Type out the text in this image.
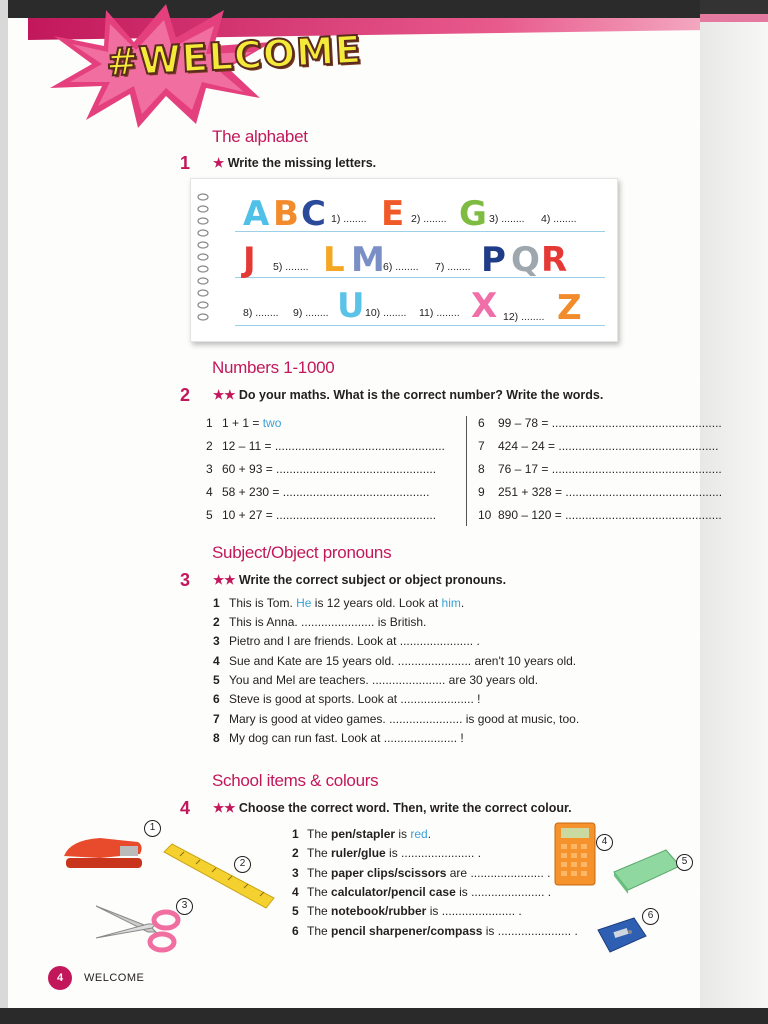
#WELCOME
The alphabet
1 ★ Write the missing letters.
A B C 1) ........ E 2) ........ G 3) ........ 4) ........
J 5) ........ L M
6) ........ 7) ........ P Q R
8) ........ 9) ........ U 10) ........ 11) ........ X 12) ........ Z
Numbers 1-1000
2 ★★ Do your maths. What is the correct number? Write the words.
1 1 + 1 = two
2 12 – 11 = ...................................................
3 60 + 93 = ................................................
4 58 + 230 = ............................................
5 10 + 27 = ................................................
6 99 – 78 = ...................................................
7 424 – 24 = ................................................
8 76 – 17 = ...................................................
9 251 + 328 = ...............................................
10 890 – 120 = ...............................................
Subject/Object pronouns
3 ★★ Write the correct subject or object pronouns.
1 This is Tom. He is 12 years old. Look at him.
2 This is Anna. ...................... is British.
3 Pietro and I are friends. Look at ...................... .
4 Sue and Kate are 15 years old. ...................... aren't 10 years old.
5 You and Mel are teachers. ...................... are 30 years old.
6 Steve is good at sports. Look at ...................... !
7 Mary is good at video games. ...................... is good at music, too.
8 My dog can run fast. Look at ...................... !
School items & colours
4 ★★ Choose the correct word. Then, write the correct colour.
1 The pen/stapler is red.
2 The ruler/glue is ...................... .
3 The paper clips/scissors are ...................... .
4 The calculator/pencil case is ...................... .
5 The notebook/rubber is ...................... .
6 The pencil sharpener/compass is ...................... .
1
2
3
4
5
6
4	WELCOME
